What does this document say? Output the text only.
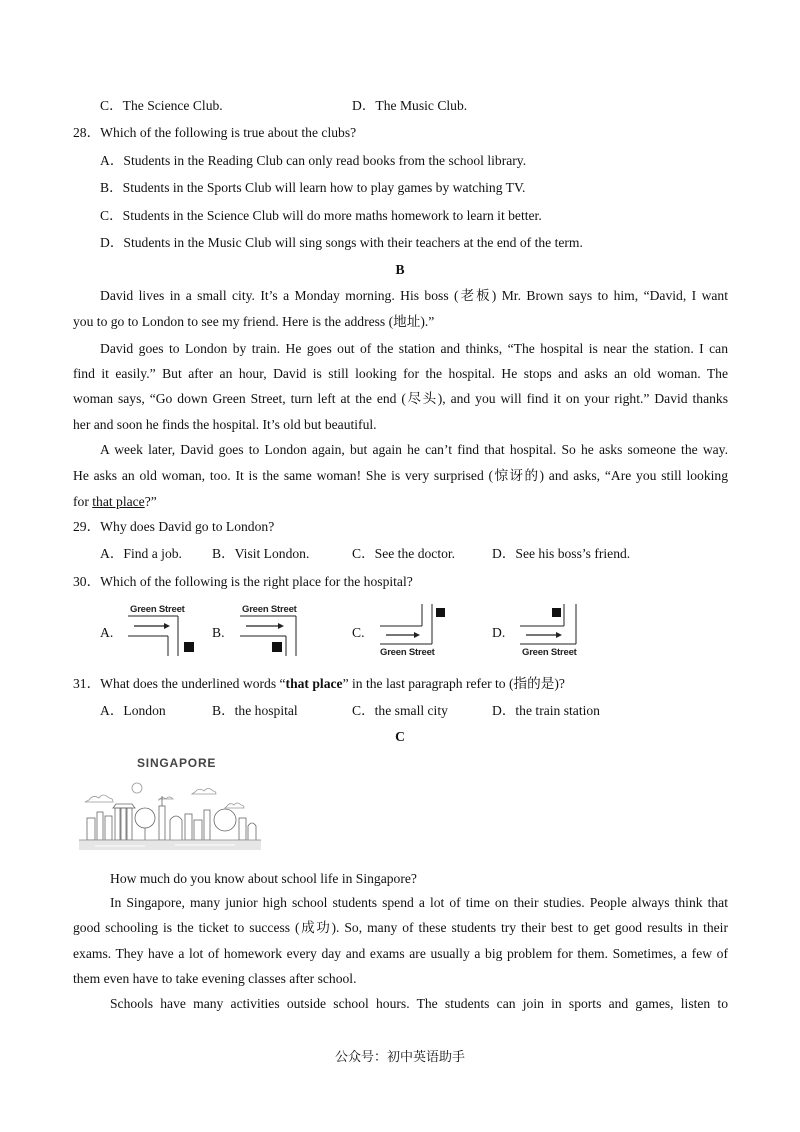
C．The Science Club.	D．The Music Club.
28．Which of the following is true about the clubs?
A．Students in the Reading Club can only read books from the school library.
B．Students in the Sports Club will learn how to play games by watching TV.
C．Students in the Science Club will do more maths homework to learn it better.
D．Students in the Music Club will sing songs with their teachers at the end of the term.
B
David lives in a small city. It’s a Monday morning. His boss (老板) Mr. Brown says to him, “David, I want
you to go to London to see my friend. Here is the address (地址).”
David goes to London by train. He goes out of the station and thinks, “The hospital is near the station. I can
find it easily.” But after an hour, David is still looking for the hospital. He stops and asks an old woman. The
woman says, “Go down Green Street, turn left at the end (尽头), and you will find it on your right.” David thanks
her and soon he finds the hospital. It’s old but beautiful.
A week later, David goes to London again, but again he can’t find that hospital. So he asks someone the way.
He asks an old woman, too. It is the same woman! She is very surprised (惊讶的) and asks, “Are you still looking
for that place?”
29．Why does David go to London?
A．Find a job. B．Visit London.	C．See the doctor.	D．See his boss’s friend.
30．Which of the following is the right place for the hospital?
A.
Green Street
B.
Green Street
C.
Green Street
D.
Green Street
31．What does the underlined words “that place” in the last paragraph refer to (指的是)?
A．London	B．the hospital	C．the small city	D．the train station
C
SINGAPORE
How much do you know about school life in Singapore?
In Singapore, many junior high school students spend a lot of time on their studies. People always think that
good schooling is the ticket to success (成功). So, many of these students try their best to get good results in their
exams. They have a lot of homework every day and exams are usually a big problem for them. Sometimes, a few of
them even have to take evening classes after school.
Schools have many activities outside school hours. The students can join in sports and games, listen to
公众号：初中英语助手
